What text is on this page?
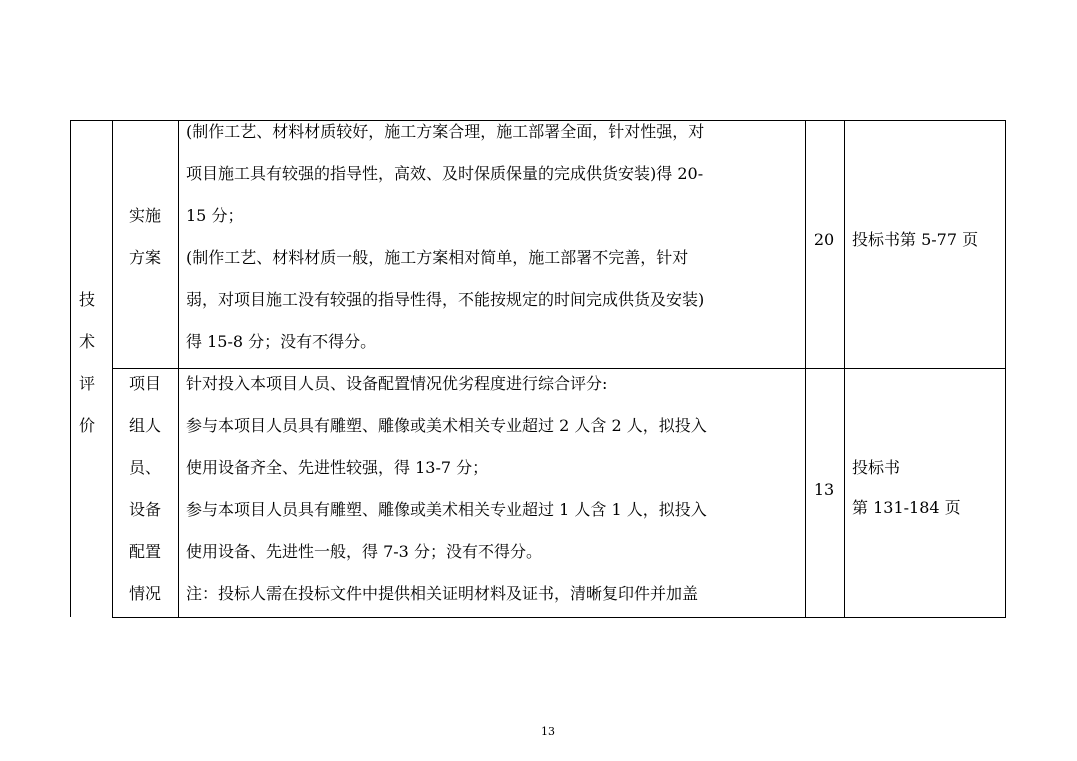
技
术
评
价
实施
方案
(制作工艺、材料材质较好，施工方案合理，施工部署全面，针对性强，对
项目施工具有较强的指导性，高效、及时保质保量的完成供货安装)得 20-
15 分；
(制作工艺、材料材质一般，施工方案相对简单，施工部署不完善，针对
弱，对项目施工没有较强的指导性得，不能按规定的时间完成供货及安装)
得 15-8 分；没有不得分。
20	投标书第 5-77 页
项目
组人
员、
设备
配置
情况
针对投入本项目人员、设备配置情况优劣程度进行综合评分:
参与本项目人员具有雕塑、雕像或美术相关专业超过 2 人含 2 人，拟投入
使用设备齐全、先进性较强，得 13-7 分；
参与本项目人员具有雕塑、雕像或美术相关专业超过 1 人含 1 人，拟投入
使用设备、先进性一般，得 7-3 分；没有不得分。
注：投标人需在投标文件中提供相关证明材料及证书，清晰复印件并加盖
13
投标书
第 131-184 页
13
